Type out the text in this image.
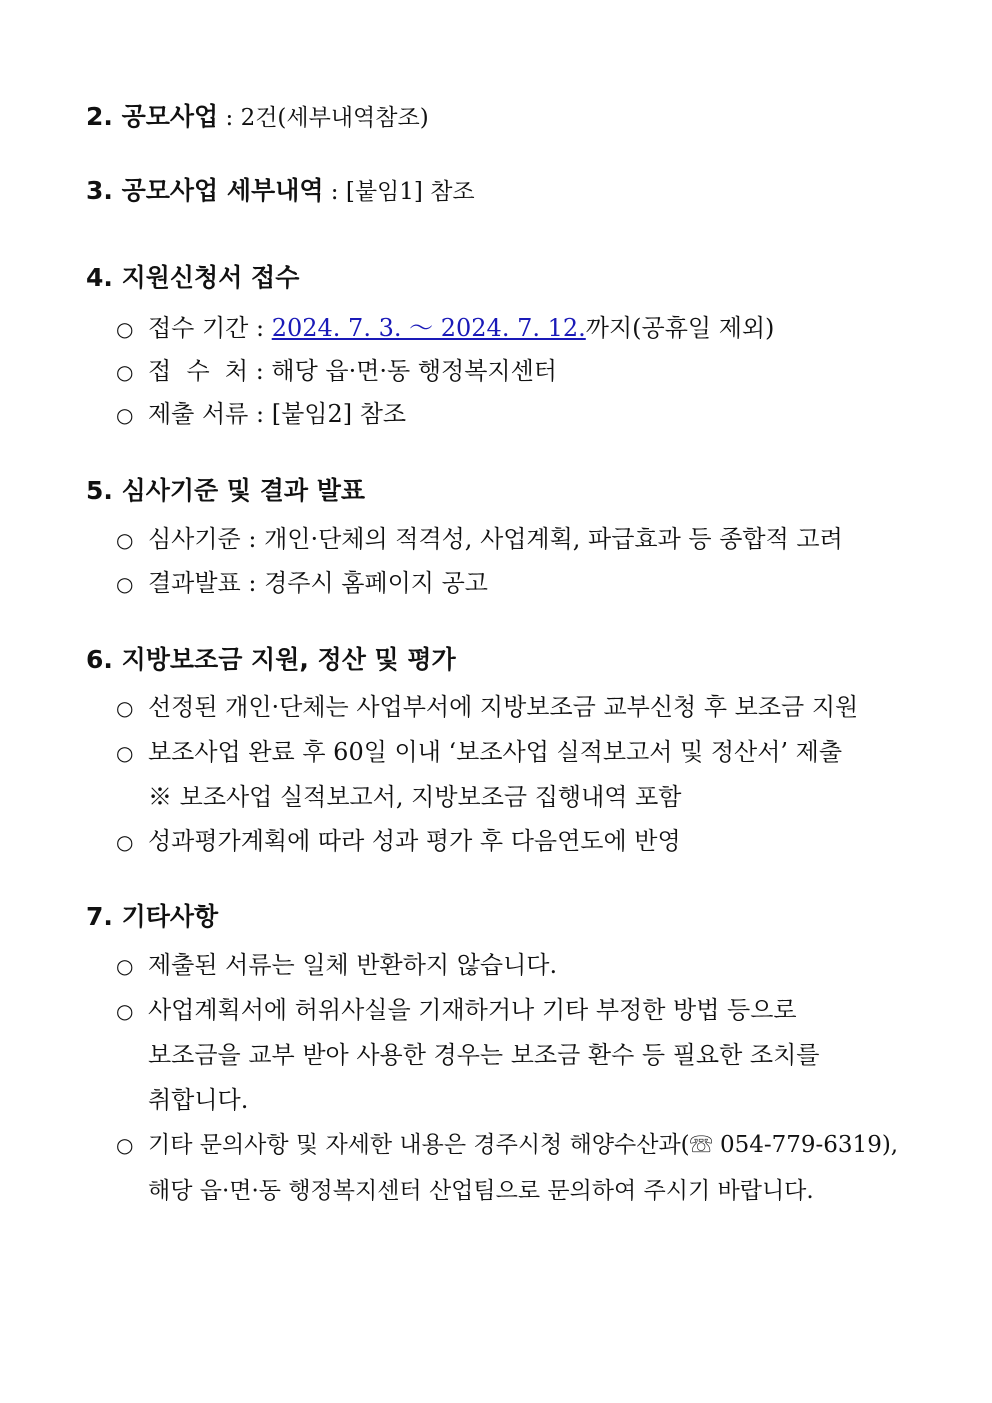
2. 공모사업 : 2건(세부내역참조)
3. 공모사업 세부내역 : [붙임1] 참조
4. 지원신청서 접수
○ 접수 기간 : 2024. 7. 3. ～ 2024. 7. 12.까지(공휴일 제외)
○ 접  수  처 : 해당 읍·면·동 행정복지센터
○ 제출 서류 : [붙임2] 참조
5. 심사기준 및 결과 발표
○ 심사기준 : 개인·단체의 적격성, 사업계획, 파급효과 등 종합적 고려
○ 결과발표 : 경주시 홈페이지 공고
6. 지방보조금 지원, 정산 및 평가
○ 선정된 개인·단체는 사업부서에 지방보조금 교부신청 후 보조금 지원
○ 보조사업 완료 후 60일 이내 ‘보조사업 실적보고서 및 정산서’ 제출
※ 보조사업 실적보고서, 지방보조금 집행내역 포함
○ 성과평가계획에 따라 성과 평가 후 다음연도에 반영
7. 기타사항
○ 제출된 서류는 일체 반환하지 않습니다.
○ 사업계획서에 허위사실을 기재하거나 기타 부정한 방법 등으로
보조금을 교부 받아 사용한 경우는 보조금 환수 등 필요한 조치를
취합니다.
○ 기타 문의사항 및 자세한 내용은 경주시청 해양수산과(☏ 054-779-6319),
해당 읍·면·동 행정복지센터 산업팀으로 문의하여 주시기 바랍니다.
